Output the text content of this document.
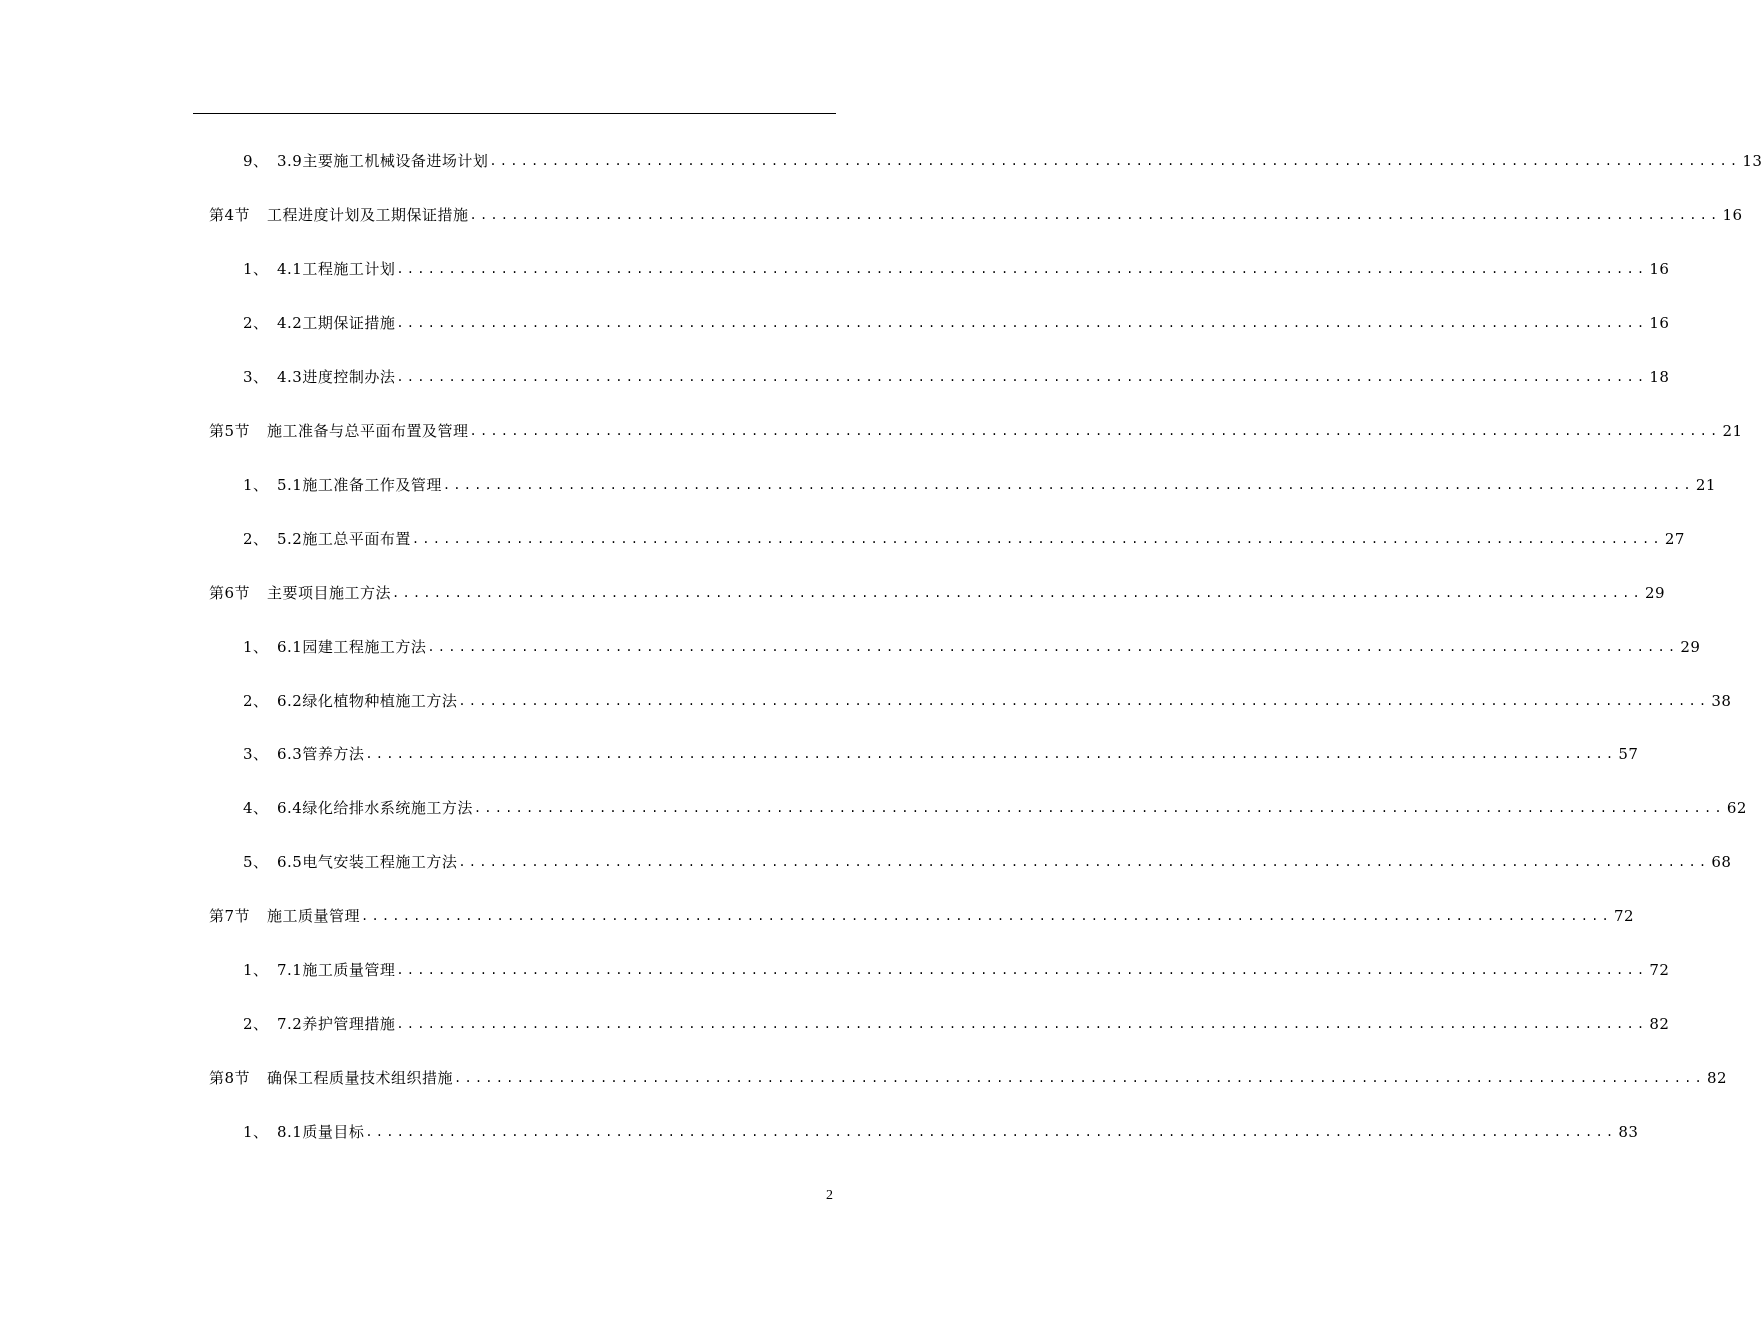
9、 3.9主要施工机械设备进场计划 ........................................................................................................................ 13
第4节	工程进度计划及工期保证措施 ........................................................................................................................ 16
1、 4.1工程施工计划 ........................................................................................................................ 16
2、 4.2工期保证措施 ........................................................................................................................ 16
3、 4.3进度控制办法 ........................................................................................................................ 18
第5节	施工准备与总平面布置及管理 ........................................................................................................................ 21
1、 5.1施工准备工作及管理 ........................................................................................................................ 21
2、 5.2施工总平面布置 ........................................................................................................................ 27
第6节	主要项目施工方法 ........................................................................................................................ 29
1、 6.1园建工程施工方法 ........................................................................................................................ 29
2、 6.2绿化植物种植施工方法 ........................................................................................................................ 38
3、 6.3管养方法 ........................................................................................................................ 57
4、 6.4绿化给排水系统施工方法 ........................................................................................................................ 62
5、 6.5电气安装工程施工方法 ........................................................................................................................ 68
第7节	施工质量管理 ........................................................................................................................ 72
1、 7.1施工质量管理 ........................................................................................................................ 72
2、 7.2养护管理措施 ........................................................................................................................ 82
第8节	确保工程质量技术组织措施 ........................................................................................................................ 82
1、 8.1质量目标 ........................................................................................................................ 83
2
